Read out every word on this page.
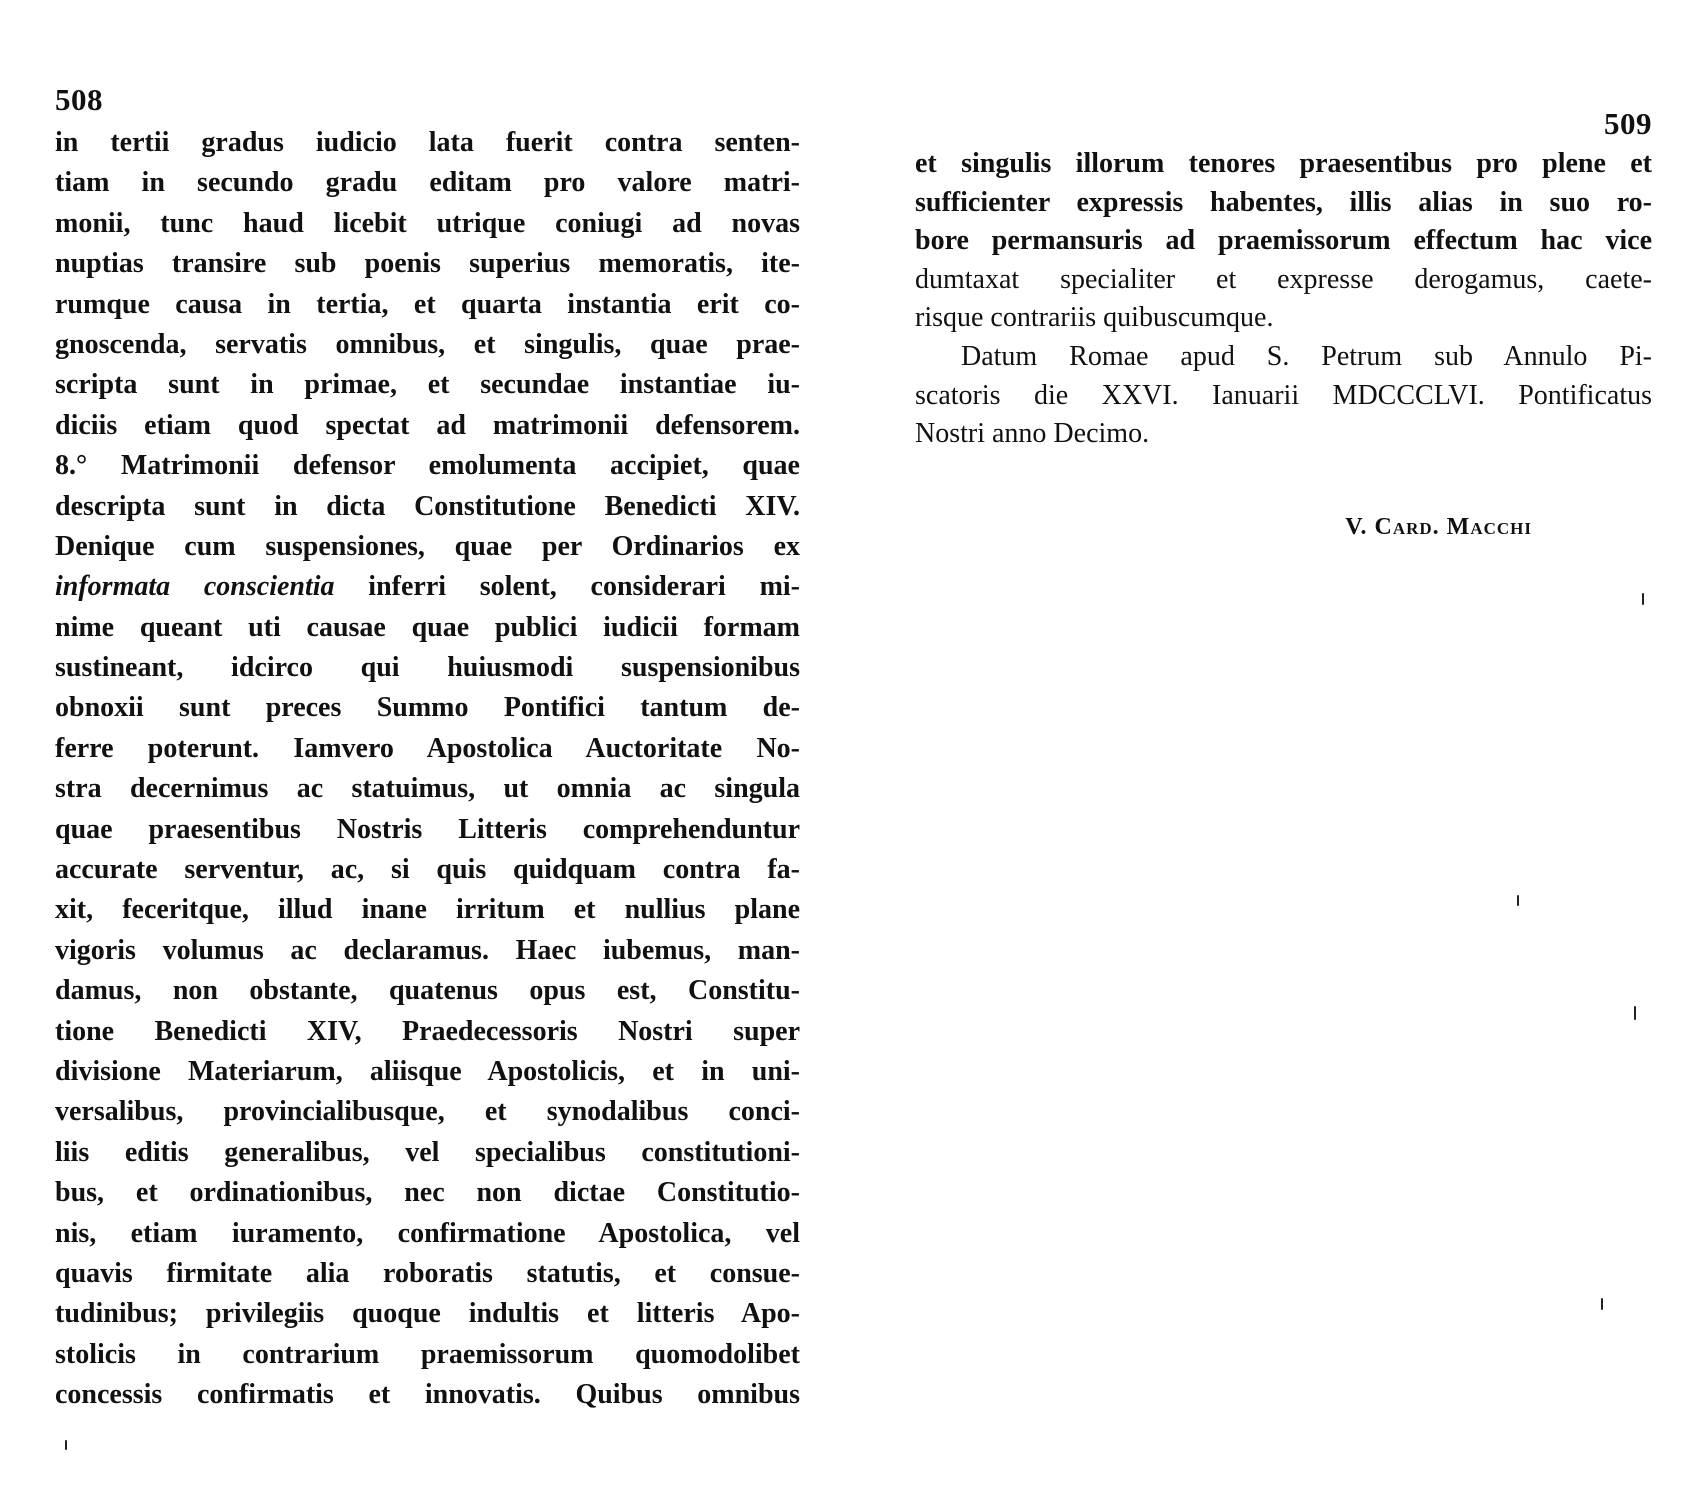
508
in tertii gradus iudicio lata fuerit contra senten-
tiam in secundo gradu editam pro valore matri-
monii, tunc haud licebit utrique coniugi ad novas
nuptias transire sub poenis superius memoratis, ite-
rumque causa in tertia, et quarta instantia erit co-
gnoscenda, servatis omnibus, et singulis, quae prae-
scripta sunt in primae, et secundae instantiae iu-
diciis etiam quod spectat ad matrimonii defensorem.
8.° Matrimonii defensor emolumenta accipiet, quae
descripta sunt in dicta Constitutione Benedicti XIV.
Denique cum suspensiones, quae per Ordinarios ex
informata conscientia inferri solent, considerari mi-
nime queant uti causae quae publici iudicii formam
sustineant, idcirco qui huiusmodi suspensionibus
obnoxii sunt preces Summo Pontifici tantum de-
ferre poterunt. Iamvero Apostolica Auctoritate No-
stra decernimus ac statuimus, ut omnia ac singula
quae praesentibus Nostris Litteris comprehenduntur
accurate serventur, ac, si quis quidquam contra fa-
xit, feceritque, illud inane irritum et nullius plane
vigoris volumus ac declaramus. Haec iubemus, man-
damus, non obstante, quatenus opus est, Constitu-
tione Benedicti XIV, Praedecessoris Nostri super
divisione Materiarum, aliisque Apostolicis, et in uni-
versalibus, provincialibusque, et synodalibus conci-
liis editis generalibus, vel specialibus constitutioni-
bus, et ordinationibus, nec non dictae Constitutio-
nis, etiam iuramento, confirmatione Apostolica, vel
quavis firmitate alia roboratis statutis, et consue-
tudinibus; privilegiis quoque indultis et litteris Apo-
stolicis in contrarium praemissorum quomodolibet
concessis confirmatis et innovatis. Quibus omnibus
509
et singulis illorum tenores praesentibus pro plene et
sufficienter expressis habentes, illis alias in suo ro-
bore permansuris ad praemissorum effectum hac vice
dumtaxat specialiter et expresse derogamus, caete-
risque contrariis quibuscumque.
Datum Romae apud S. Petrum sub Annulo Pi-
scatoris die XXVI. Ianuarii MDCCCLVI. Pontificatus
Nostri anno Decimo.
V. Card. Macchi
